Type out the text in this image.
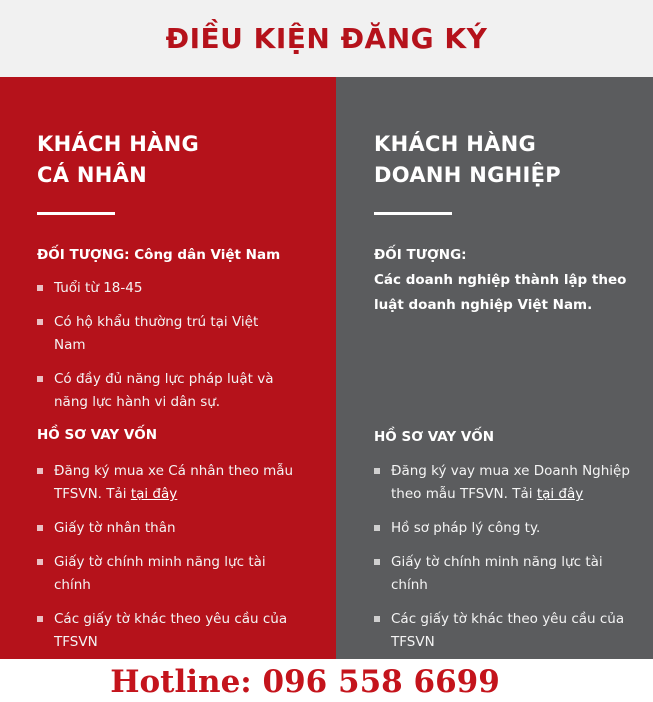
ĐIỀU KIỆN ĐĂNG KÝ
KHÁCH HÀNG
CÁ NHÂN
ĐỐI TƯỢNG: Công dân Việt Nam
Tuổi từ 18-45
Có hộ khẩu thường trú tại Việt Nam
Có đầy đủ năng lực pháp luật và năng lực hành vi dân sự.
HỒ SƠ VAY VỐN
Đăng ký mua xe Cá nhân theo mẫu TFSVN. Tải tại đây
Giấy tờ nhân thân
Giấy tờ chính minh năng lực tài chính
Các giấy tờ khác theo yêu cầu của TFSVN
KHÁCH HÀNG
DOANH NGHIỆP
ĐỐI TƯỢNG:
Các doanh nghiệp thành lập theo luật doanh nghiệp Việt Nam.
HỒ SƠ VAY VỐN
Đăng ký vay mua xe Doanh Nghiệp theo mẫu TFSVN. Tải tại đây
Hồ sơ pháp lý công ty.
Giấy tờ chính minh năng lực tài chính
Các giấy tờ khác theo yêu cầu của TFSVN
Hotline: 096 558 6699
